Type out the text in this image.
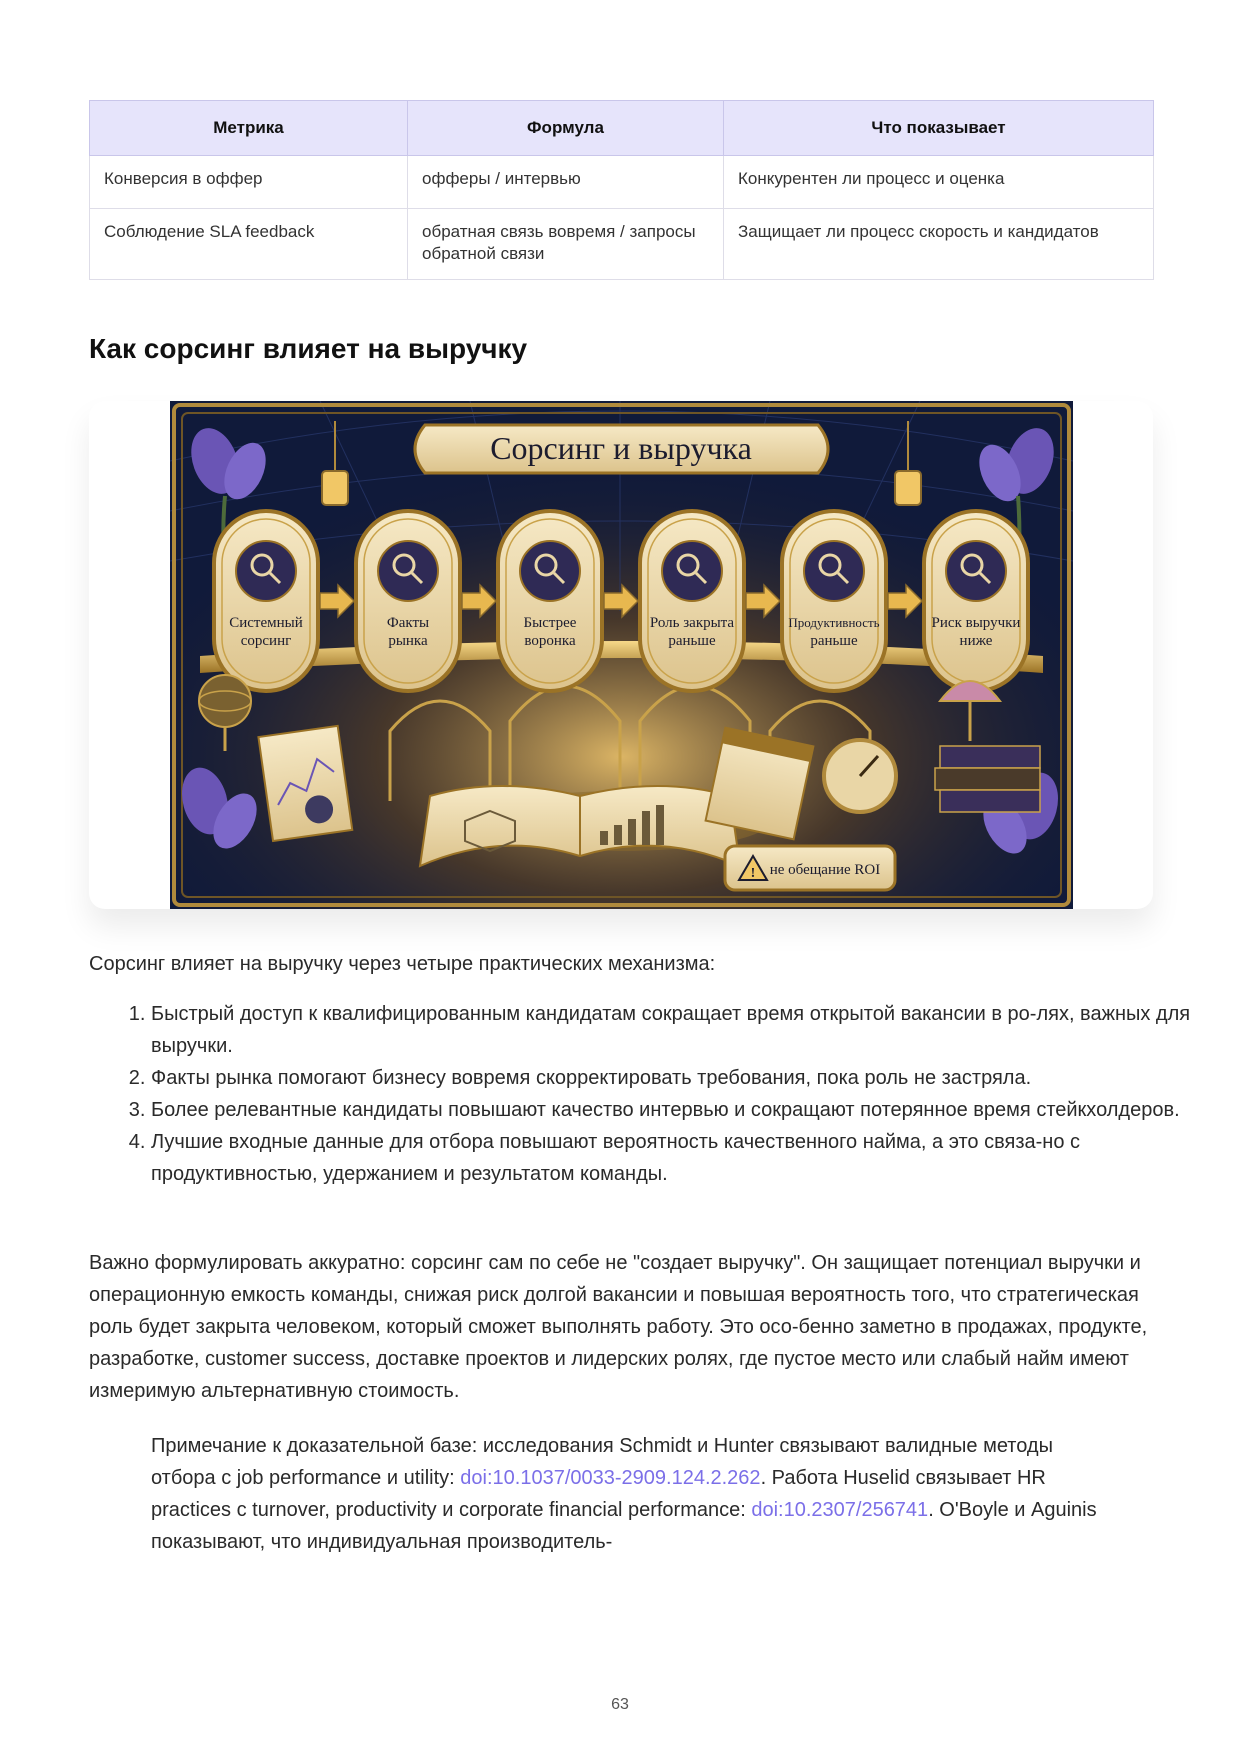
Метрика	Формула	Что показывает
Конверсия в оффер	офферы / интервью	Конкурентен ли процесс и оценка
Соблюдение SLA feedback	обратная связь вовремя / запросы обратной связи	Защищает ли процесс скорость и кандидатов
Как сорсинг влияет на выручку
Сорсинг и выручка
Системный
сорсинг
Факты
рынка
Быстрее
воронка
Роль закрыта
раньше
Продуктивность
раньше
Риск выручки
ниже
! не обещание ROI
Сорсинг влияет на выручку через четыре практических механизма:
1. Быстрый доступ к квалифицированным кандидатам сокращает время открытой вакансии в ро-лях, важных для выручки.
2. Факты рынка помогают бизнесу вовремя скорректировать требования, пока роль не застряла.
3. Более релевантные кандидаты повышают качество интервью и сокращают потерянное время стейкхолдеров.
4. Лучшие входные данные для отбора повышают вероятность качественного найма, а это связа-но с продуктивностью, удержанием и результатом команды.
Важно формулировать аккуратно: сорсинг сам по себе не "создает выручку". Он защищает потенциал выручки и операционную емкость команды, снижая риск долгой вакансии и повышая вероятность того, что стратегическая роль будет закрыта человеком, который сможет выполнять работу. Это осо-бенно заметно в продажах, продукте, разработке, customer success, доставке проектов и лидерских ролях, где пустое место или слабый найм имеют измеримую альтернативную стоимость.
Примечание к доказательной базе: исследования Schmidt и Hunter связывают валидные методы отбора с job performance и utility: doi:10.1037/0033-2909.124.2.262. Работа Huselid связывает HR practices с turnover, productivity и corporate financial performance: doi:10.2307/256741. O'Boyle и Aguinis показывают, что индивидуальная производитель-
63
